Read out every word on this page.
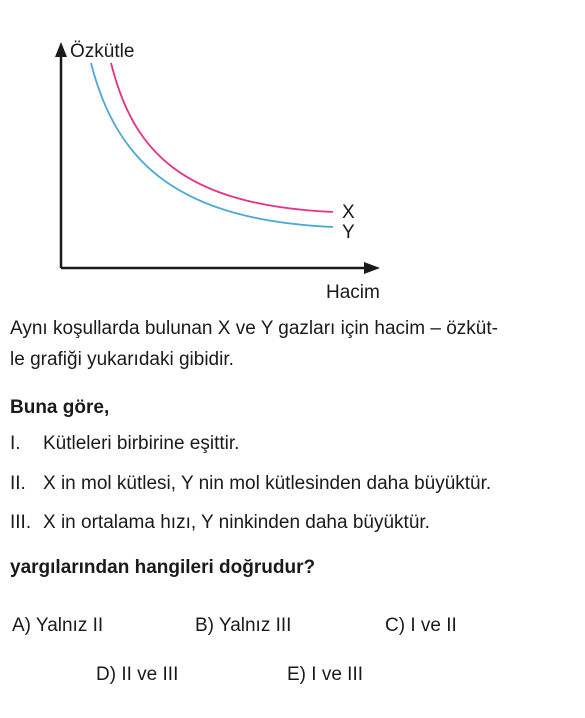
Özkütle
Hacim
X
Y
Aynı koşullarda bulunan X ve Y gazları için hacim – özküt-
le grafiği yukarıdaki gibidir.
Buna göre,
I. Kütleleri birbirine eşittir.
II. X in mol kütlesi, Y nin mol kütlesinden daha büyüktür.
III. X in ortalama hızı, Y ninkinden daha büyüktür.
yargılarından hangileri doğrudur?
A) Yalnız II	B) Yalnız III	C) I ve II
D) II ve III	E) I ve III
